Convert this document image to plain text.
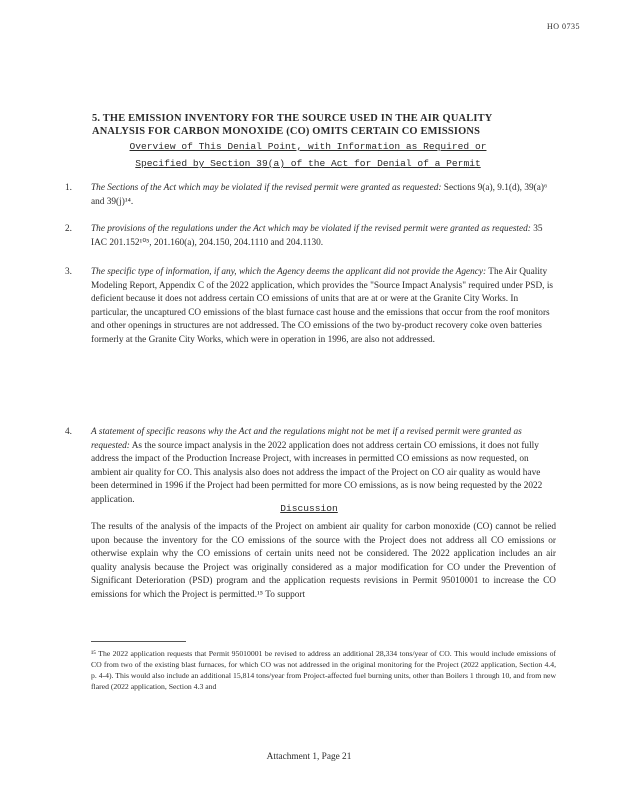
HO 0735
5. THE EMISSION INVENTORY FOR THE SOURCE USED IN THE AIR QUALITY ANALYSIS FOR CARBON MONOXIDE (CO) OMITS CERTAIN CO EMISSIONS
Overview of This Denial Point, with Information as Required or
Specified by Section 39(a) of the Act for Denial of a Permit
1. The Sections of the Act which may be violated if the revised permit were granted as requested: Sections 9(a), 9.1(d), 39(a)⁶ and 39(j)¹⁴.
2. The provisions of the regulations under the Act which may be violated if the revised permit were granted as requested: 35 IAC 201.152¹⁰⁵, 201.160(a), 204.150, 204.1110 and 204.1130.
3. The specific type of information, if any, which the Agency deems the applicant did not provide the Agency: The Air Quality Modeling Report, Appendix C of the 2022 application, which provides the "Source Impact Analysis" required under PSD, is deficient because it does not address certain CO emissions of units that are at or were at the Granite City Works. In particular, the uncaptured CO emissions of the blast furnace cast house and the emissions that occur from the roof monitors and other openings in structures are not addressed. The CO emissions of the two by-product recovery coke oven batteries formerly at the Granite City Works, which were in operation in 1996, are also not addressed.
4. A statement of specific reasons why the Act and the regulations might not be met if a revised permit were granted as requested: As the source impact analysis in the 2022 application does not address certain CO emissions, it does not fully address the impact of the Production Increase Project, with increases in permitted CO emissions as now requested, on ambient air quality for CO. This analysis also does not address the impact of the Project on CO air quality as would have been determined in 1996 if the Project had been permitted for more CO emissions, as is now being requested by the 2022 application.
Discussion
The results of the analysis of the impacts of the Project on ambient air quality for carbon monoxide (CO) cannot be relied upon because the inventory for the CO emissions of the source with the Project does not address all CO emissions or otherwise explain why the CO emissions of certain units need not be considered. The 2022 application includes an air quality analysis because the Project was originally considered as a major modification for CO under the Prevention of Significant Deterioration (PSD) program and the application requests revisions in Permit 95010001 to increase the CO emissions for which the Project is permitted.¹⁵ To support
¹⁵ The 2022 application requests that Permit 95010001 be revised to address an additional 28,334 tons/year of CO. This would include emissions of CO from two of the existing blast furnaces, for which CO was not addressed in the original monitoring for the Project (2022 application, Section 4.4, p. 4-4). This would also include an additional 15,814 tons/year from Project-affected fuel burning units, other than Boilers 1 through 10, and from new flared (2022 application, Section 4.3 and
Attachment 1, Page 21
